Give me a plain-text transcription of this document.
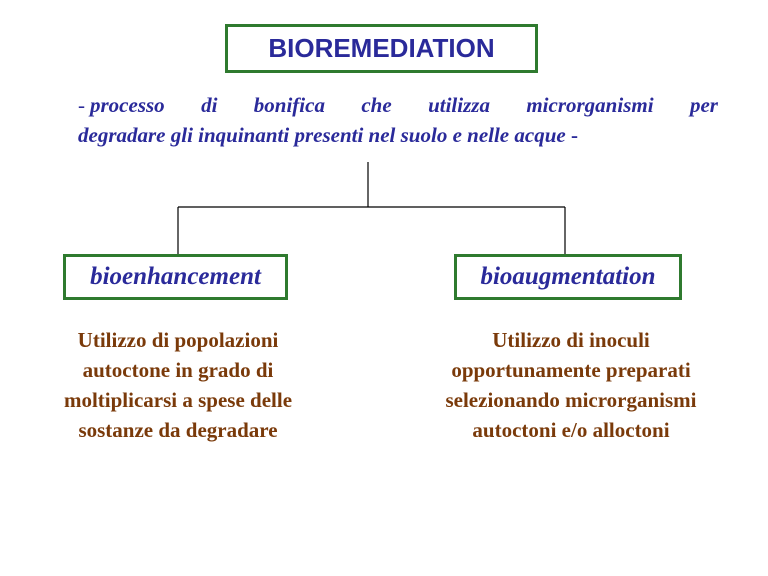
BIOREMEDIATION
- processo di bonifica che utilizza microrganismi per
degradare gli inquinanti presenti nel suolo e nelle acque -
bioenhancement	bioaugmentation
Utilizzo di popolazioni
autoctone in grado di
moltiplicarsi a spese delle
sostanze da degradare
Utilizzo di inoculi
opportunamente preparati
selezionando microrganismi
autoctoni e/o alloctoni
